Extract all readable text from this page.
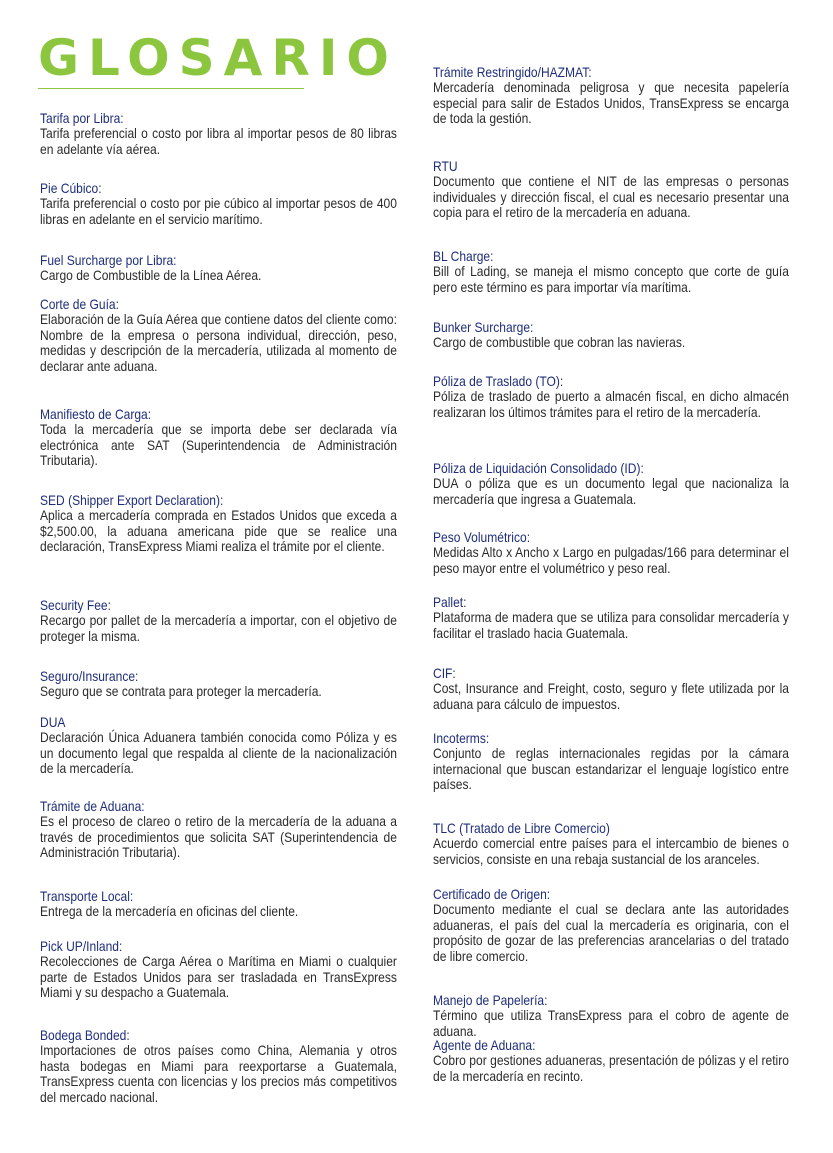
GLOSARIO
Tarifa por Libra:
Tarifa preferencial o costo por libra al importar pesos de 80 libras en adelante vía aérea.
Pie Cúbico:
Tarifa preferencial o costo por pie cúbico al importar pesos de 400 libras en adelante en el servicio marítimo.
Fuel Surcharge por Libra:
Cargo de Combustible de la Línea Aérea.
Corte de Guía:
Elaboración de la Guía Aérea que contiene datos del cliente como: Nombre de la empresa o persona individual, dirección, peso, medidas y descripción de la mercadería, utilizada al momento de declarar ante aduana.
Manifiesto de Carga:
Toda la mercadería que se importa debe ser declarada vía electrónica ante SAT (Superintendencia de Administración Tributaria).
SED (Shipper Export Declaration):
Aplica a mercadería comprada en Estados Unidos que exceda a $2,500.00, la aduana americana pide que se realice una declaración, TransExpress Miami realiza el trámite por el cliente.
Security Fee:
Recargo por pallet de la mercadería a importar, con el objetivo de proteger la misma.
Seguro/Insurance:
Seguro que se contrata para proteger la mercadería.
DUA
Declaración Única Aduanera también conocida como Póliza y es un documento legal que respalda al cliente de la nacionalización de la mercadería.
Trámite de Aduana:
Es el proceso de clareo o retiro de la mercadería de la aduana a través de procedimientos que solicita SAT (Superintendencia de Administración Tributaria).
Transporte Local:
Entrega de la mercadería en oficinas del cliente.
Pick UP/Inland:
Recolecciones de Carga Aérea o Marítima en Miami o cualquier parte de Estados Unidos para ser trasladada en TransExpress Miami y su despacho a Guatemala.
Bodega Bonded:
Importaciones de otros países como China, Alemania y otros hasta bodegas en Miami para reexportarse a Guatemala, TransExpress cuenta con licencias y los precios más competitivos del mercado nacional.
Trámite Restringido/HAZMAT:
Mercadería denominada peligrosa y que necesita papelería especial para salir de Estados Unidos, TransExpress se encarga de toda la gestión.
RTU
Documento que contiene el NIT de las empresas o personas individuales y dirección fiscal, el cual es necesario presentar una copia para el retiro de la mercadería en aduana.
BL Charge:
Bill of Lading, se maneja el mismo concepto que corte de guía pero este término es para importar vía marítima.
Bunker Surcharge:
Cargo de combustible que cobran las navieras.
Póliza de Traslado (TO):
Póliza de traslado de puerto a almacén fiscal, en dicho almacén realizaran los últimos trámites para el retiro de la mercadería.
Póliza de Liquidación Consolidado (ID):
DUA o póliza que es un documento legal que nacionaliza la mercadería que ingresa a Guatemala.
Peso Volumétrico:
Medidas Alto x Ancho x Largo en pulgadas/166 para determinar el peso mayor entre el volumétrico y peso real.
Pallet:
Plataforma de madera que se utiliza para consolidar mercadería y facilitar el traslado hacia Guatemala.
CIF:
Cost, Insurance and Freight, costo, seguro y flete utilizada por la aduana para cálculo de impuestos.
Incoterms:
Conjunto de reglas internacionales regidas por la cámara internacional que buscan estandarizar el lenguaje logístico entre países.
TLC (Tratado de Libre Comercio)
Acuerdo comercial entre países para el intercambio de bienes o servicios, consiste en una rebaja sustancial de los aranceles.
Certificado de Origen:
Documento mediante el cual se declara ante las autoridades aduaneras, el país del cual la mercadería es originaria, con el propósito de gozar de las preferencias arancelarias o del tratado de libre comercio.
Manejo de Papelería:
Término que utiliza TransExpress para el cobro de agente de aduana.
Agente de Aduana:
Cobro por gestiones aduaneras, presentación de pólizas y el retiro de la mercadería en recinto.
